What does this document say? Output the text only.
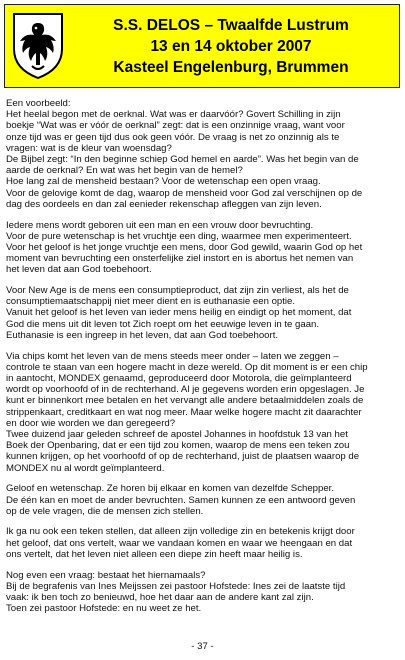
S.S. DELOS – Twaalfde Lustrum
13 en 14 oktober 2007
Kasteel Engelenburg, Brummen

Een voorbeeld:
Het heelal begon met de oerknal. Wat was er daarvóór? Govert Schilling in zijn
boekje “Wat was er vóór de oerknal” zegt: dat is een onzinnige vraag, want voor
onze tijd was er geen tijd dus ook geen vóór. De vraag is net zo onzinnig als te
vragen: wat is de kleur van woensdag?
De Bijbel zegt: “In den beginne schiep God hemel en aarde”. Was het begin van de
aarde de oerknal? En wat was het begin van de hemel?
Hoe lang zal de mensheid bestaan? Voor de wetenschap een open vraag.
Voor de gelovige komt de dag, waarop de mensheid voor God zal verschijnen op de
dag des oordeels en dan zal eenieder rekenschap afleggen van zijn leven.

Iedere mens wordt geboren uit een man en een vrouw door bevruchting.
Voor de pure wetenschap is het vruchtje een ding, waarmee men experimenteert.
Voor het geloof is het jonge vruchtje een mens, door God gewild, waarin God op het
moment van bevruchting een onsterfelijke ziel instort en is abortus het nemen van
het leven dat aan God toebehoort.

Voor New Age is de mens een consumptieproduct, dat zijn zin verliest, als het de
consumptiemaatschappij niet meer dient en is euthanasie een optie.
Vanuit het geloof is het leven van ieder mens heilig en eindigt op het moment, dat
God die mens uit dit leven tot Zich roept om het eeuwige leven in te gaan.
Euthanasie is een ingreep in het leven, dat aan God toebehoort.

Via chips komt het leven van de mens steeds meer onder – laten we zeggen –
controle te staan van een hogere macht in deze wereld. Op dit moment is er een chip
in aantocht, MONDEX genaamd, geproduceerd door Motorola, die geïmplanteerd
wordt op voorhoofd of in de rechterhand. Al je gegevens worden erin opgeslagen. Je
kunt er binnenkort mee betalen en het vervangt alle andere betaalmiddelen zoals de
strippenkaart, creditkaart en wat nog meer. Maar welke hogere macht zit daarachter
en door wie worden we dan geregeerd?
Twee duizend jaar geleden schreef de apostel Johannes in hoofdstuk 13 van het
Boek der Openbaring, dat er een tijd zou komen, waarop de mens een teken zou
kunnen krijgen, op het voorhoofd of op de rechterhand, juist de plaatsen waarop de
MONDEX nu al wordt geïmplanteerd.

Geloof en wetenschap. Ze horen bij elkaar en komen van dezelfde Schepper.
De één kan en moet de ander bevruchten. Samen kunnen ze een antwoord geven
op de vele vragen, die de mensen zich stellen.

Ik ga nu ook een teken stellen, dat alleen zijn volledige zin en betekenis krijgt door
het geloof, dat ons vertelt, waar we vandaan komen en waar we heengaan en dat
ons vertelt, dat het leven niet alleen een diepe zin heeft maar heilig is.

Nog even een vraag: bestaat het hiernamaals?
Bij de begrafenis van Ines Meijssen zei pastoor Hofstede: Ines zei de laatste tijd
vaak: ik ben toch zo benieuwd, hoe het daar aan de andere kant zal zijn.
Toen zei pastoor Hofstede: en nu weet ze het.

- 37 -
